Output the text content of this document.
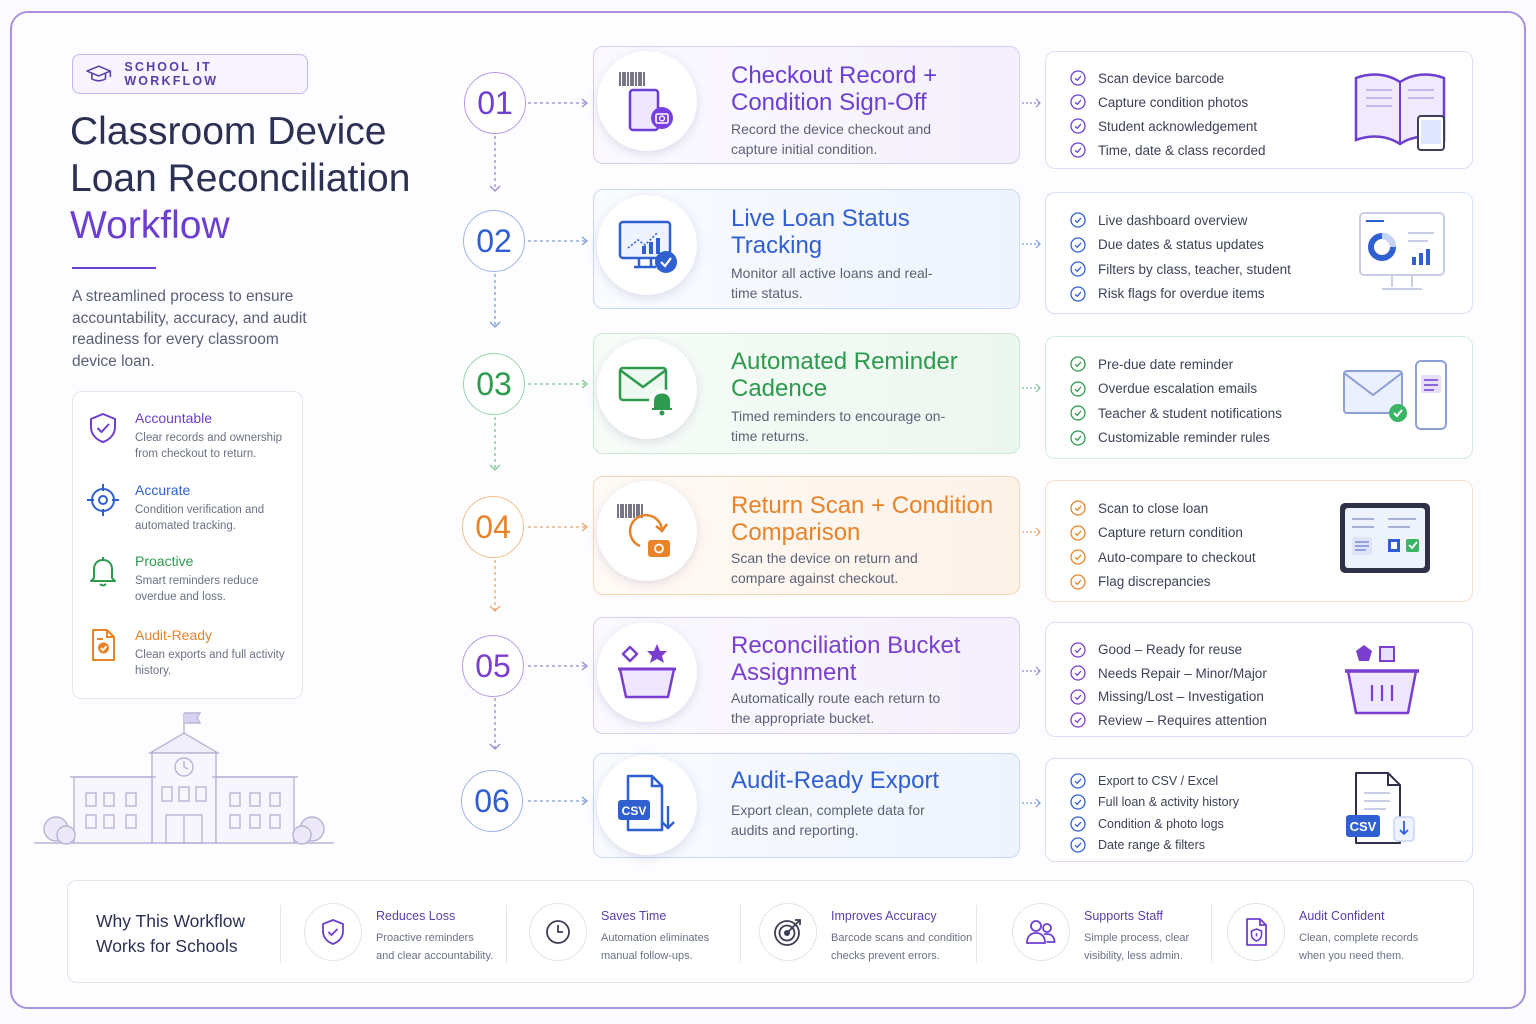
SCHOOL IT WORKFLOW
Classroom Device
Loan Reconciliation
Workflow
A streamlined process to ensure accountability, accuracy, and audit readiness for every classroom device loan.
Accountable
Clear records and ownership from checkout to return.
Accurate
Condition verification and automated tracking.
Proactive
Smart reminders reduce overdue and loss.
Audit-Ready
Clean exports and full activity history.
01
02
03
04
05
06
Checkout Record + Condition Sign-Off
Record the device checkout and capture initial condition.
Scan device barcode
Capture condition photos
Student acknowledgement
Time, date & class recorded
Live Loan Status Tracking
Monitor all active loans and real-time status.
Live dashboard overview
Due dates & status updates
Filters by class, teacher, student
Risk flags for overdue items
Automated Reminder Cadence
Timed reminders to encourage on-time returns.
Pre-due date reminder
Overdue escalation emails
Teacher & student notifications
Customizable reminder rules
Return Scan + Condition Comparison
Scan the device on return and compare against checkout.
Scan to close loan
Capture return condition
Auto-compare to checkout
Flag discrepancies
Reconciliation Bucket Assignment
Automatically route each return to the appropriate bucket.
Good – Ready for reuse
Needs Repair – Minor/Major
Missing/Lost – Investigation
Review – Requires attention
CSV
Audit-Ready Export
Export clean, complete data for audits and reporting.
Export to CSV / Excel
Full loan & activity history
Condition & photo logs
Date range & filters
CSV
Why This Workflow
Works for Schools
Reduces Loss
Proactive reminders
and clear accountability.
Saves Time
Automation eliminates
manual follow-ups.
Improves Accuracy
Barcode scans and condition
checks prevent errors.
Supports Staff
Simple process, clear
visibility, less admin.
Audit Confident
Clean, complete records
when you need them.
